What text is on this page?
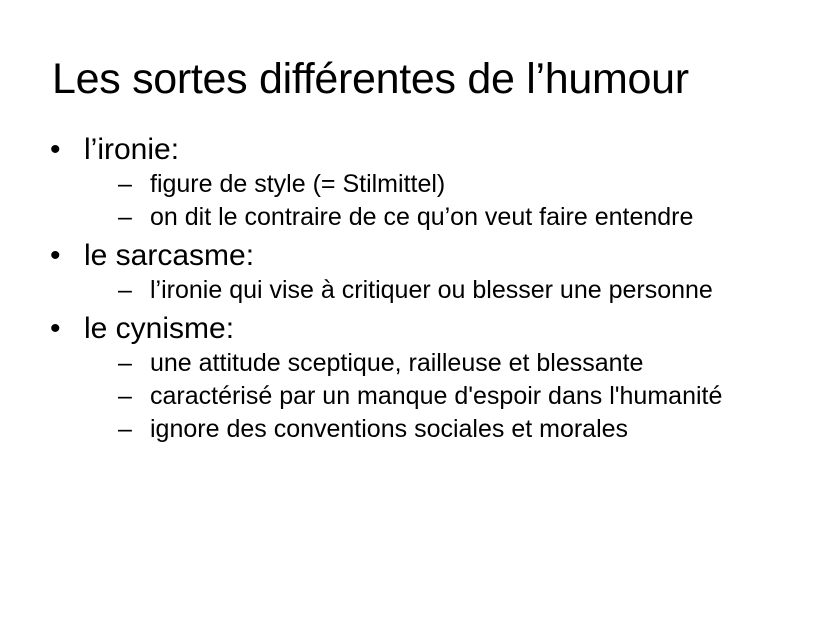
Les sortes différentes de l’humour
• l’ironie:
– figure de style (= Stilmittel)
– on dit le contraire de ce qu’on veut faire entendre
• le sarcasme:
– l’ironie qui vise à critiquer ou blesser une personne
• le cynisme:
– une attitude sceptique, railleuse et blessante
– caractérisé par un manque d'espoir dans l'humanité
– ignore des conventions sociales et morales
